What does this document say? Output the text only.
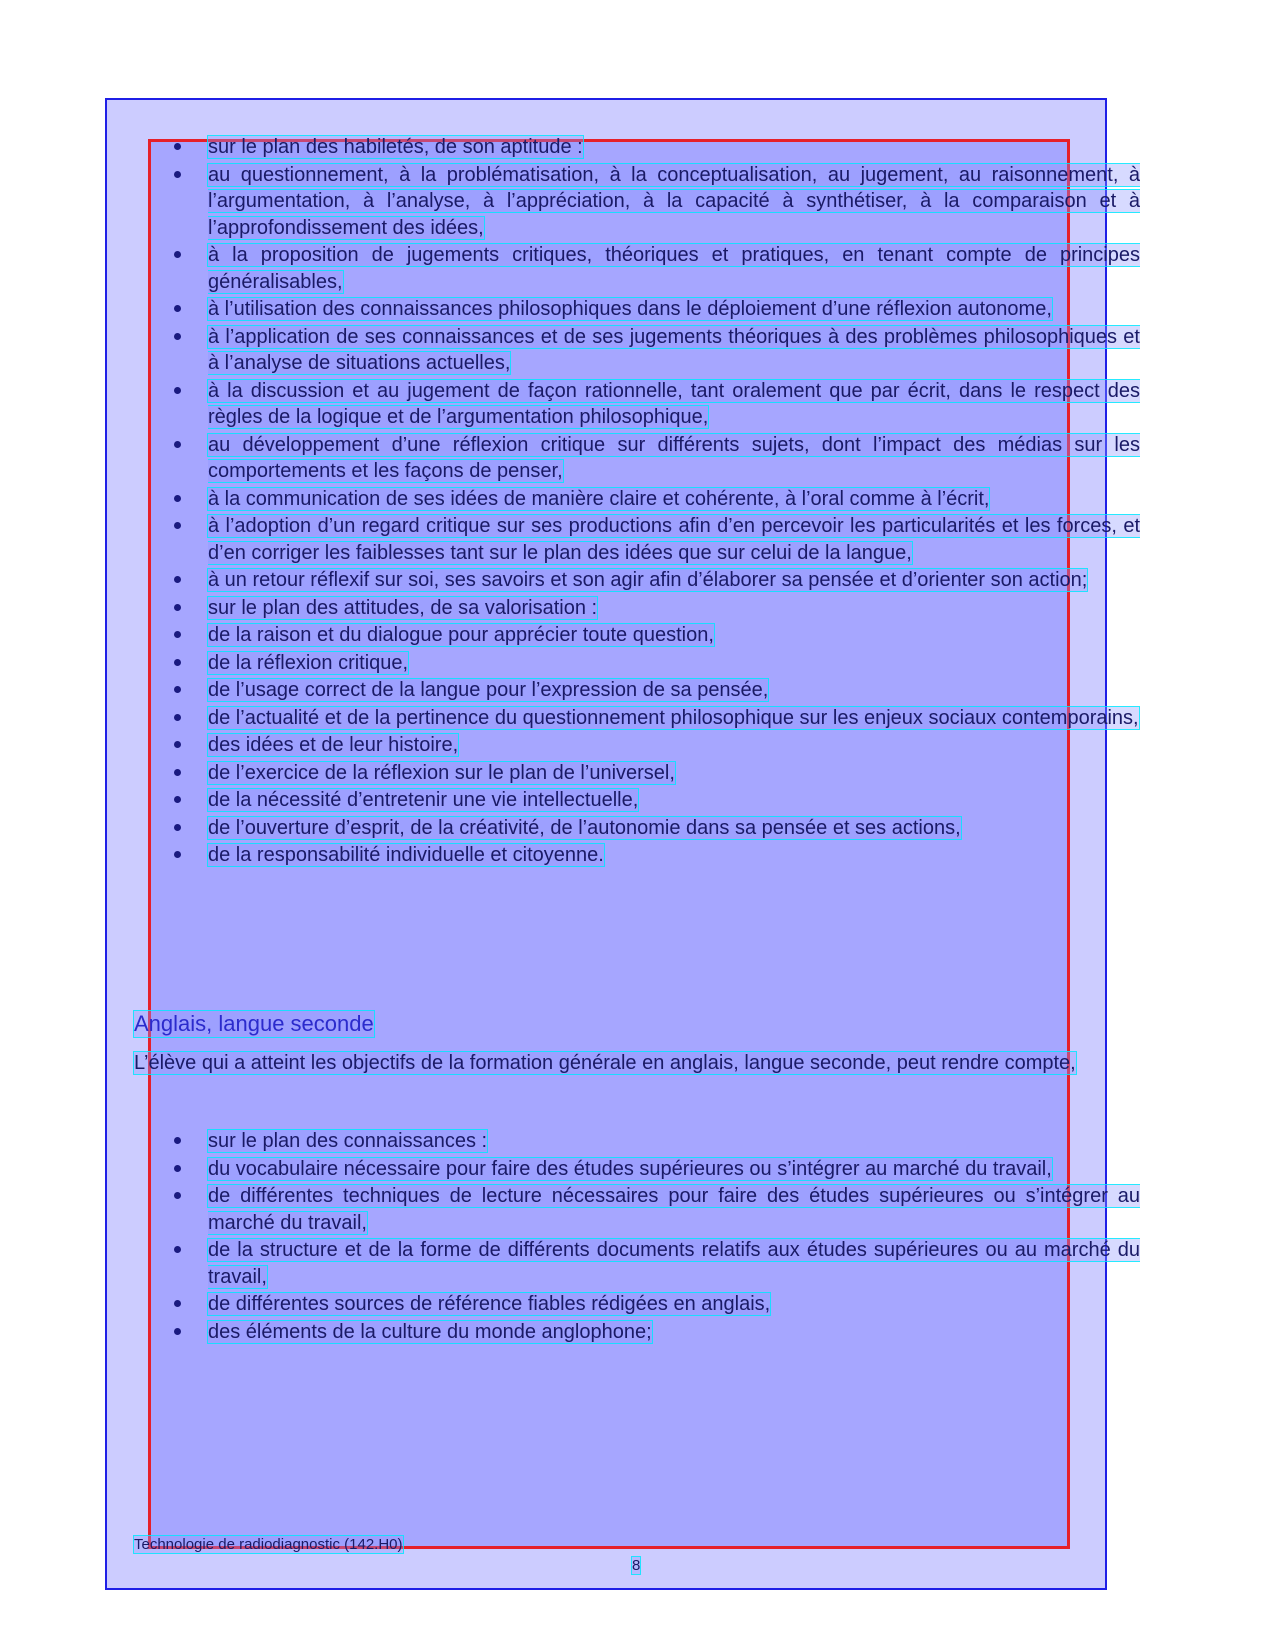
sur le plan des habiletés, de son aptitude :
au questionnement, à la problématisation, à la conceptualisation, au jugement, au raisonnement, à l’argumentation, à l’analyse, à l’appréciation, à la capacité à synthétiser, à la comparaison et à l’approfondissement des idées,
à la proposition de jugements critiques, théoriques et pratiques, en tenant compte de principes généralisables,
à l’utilisation des connaissances philosophiques dans le déploiement d’une réflexion autonome,
à l’application de ses connaissances et de ses jugements théoriques à des problèmes philosophiques et à l’analyse de situations actuelles,
à la discussion et au jugement de façon rationnelle, tant oralement que par écrit, dans le respect des règles de la logique et de l’argumentation philosophique,
au développement d’une réflexion critique sur différents sujets, dont l’impact des médias sur les comportements et les façons de penser,
à la communication de ses idées de manière claire et cohérente, à l’oral comme à l’écrit,
à l’adoption d’un regard critique sur ses productions afin d’en percevoir les particularités et les forces, et d’en corriger les faiblesses tant sur le plan des idées que sur celui de la langue,
à un retour réflexif sur soi, ses savoirs et son agir afin d’élaborer sa pensée et d’orienter son action;
sur le plan des attitudes, de sa valorisation :
de la raison et du dialogue pour apprécier toute question,
de la réflexion critique,
de l’usage correct de la langue pour l’expression de sa pensée,
de l’actualité et de la pertinence du questionnement philosophique sur les enjeux sociaux contemporains,
des idées et de leur histoire,
de l’exercice de la réflexion sur le plan de l’universel,
de la nécessité d’entretenir une vie intellectuelle,
de l’ouverture d’esprit, de la créativité, de l’autonomie dans sa pensée et ses actions,
de la responsabilité individuelle et citoyenne.
Anglais, langue seconde
L’élève qui a atteint les objectifs de la formation générale en anglais, langue seconde, peut rendre compte,
sur le plan des connaissances :
du vocabulaire nécessaire pour faire des études supérieures ou s’intégrer au marché du travail,
de différentes techniques de lecture nécessaires pour faire des études supérieures ou s’intégrer au marché du travail,
de la structure et de la forme de différents documents relatifs aux études supérieures ou au marché du travail,
de différentes sources de référence fiables rédigées en anglais,
des éléments de la culture du monde anglophone;
Technologie de radiodiagnostic (142.H0)
8
